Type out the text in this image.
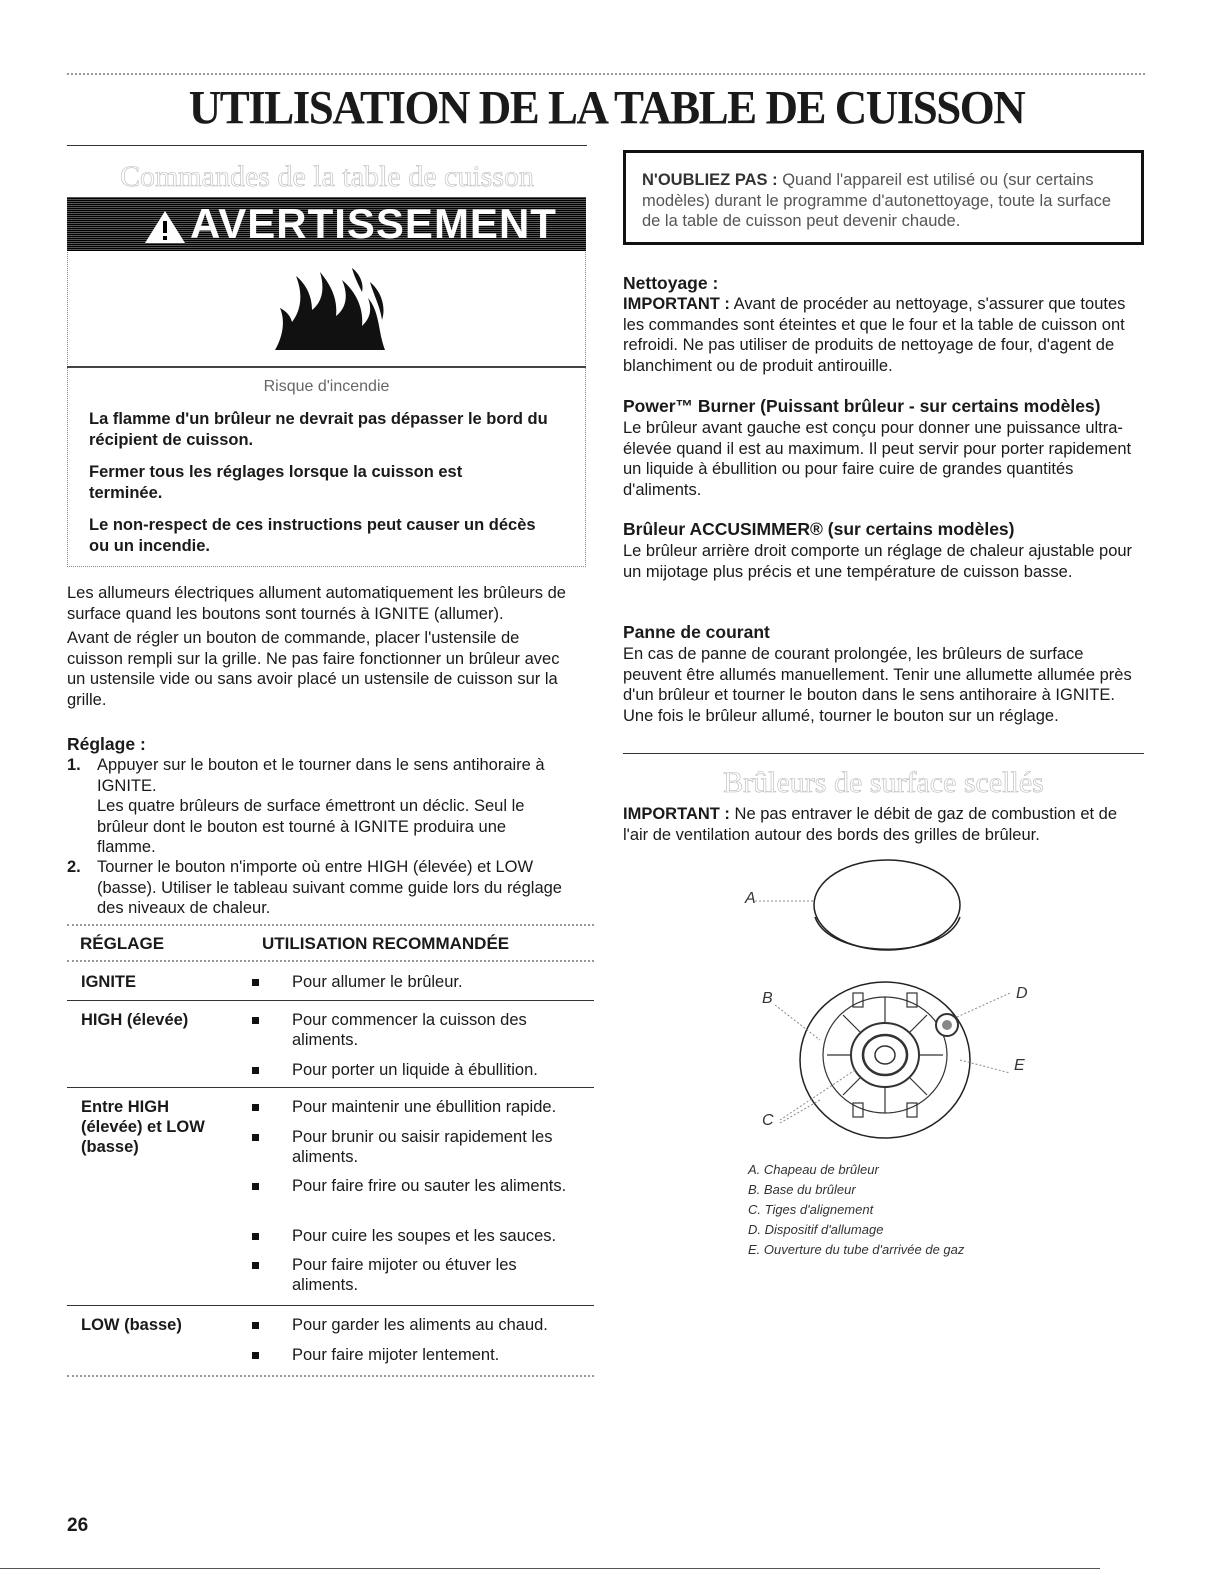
UTILISATION DE LA TABLE DE CUISSON
Commandes de la table de cuisson
AVERTISSEMENT
Risque d'incendie
La flamme d'un brûleur ne devrait pas dépasser le bord du récipient de cuisson.
Fermer tous les réglages lorsque la cuisson est terminée.
Le non-respect de ces instructions peut causer un décès ou un incendie.

Les allumeurs électriques allument automatiquement les brûleurs de surface quand les boutons sont tournés à IGNITE (allumer).

Avant de régler un bouton de commande, placer l'ustensile de cuisson rempli sur la grille. Ne pas faire fonctionner un brûleur avec un ustensile vide ou sans avoir placé un ustensile de cuisson sur la grille.

Réglage :
1. Appuyer sur le bouton et le tourner dans le sens antihoraire à IGNITE.
Les quatre brûleurs de surface émettront un déclic. Seul le brûleur dont le bouton est tourné à IGNITE produira une flamme.
2. Tourner le bouton n'importe où entre HIGH (élevée) et LOW (basse). Utiliser le tableau suivant comme guide lors du réglage des niveaux de chaleur.
RÉGLAGE	UTILISATION RECOMMANDÉE
IGNITE	Pour allumer le brûleur.
HIGH (élevée)	Pour commencer la cuisson des aliments.
Pour porter un liquide à ébullition.
Entre HIGH (élevée) et LOW (basse)
Pour maintenir une ébullition rapide.
Pour brunir ou saisir rapidement les aliments.
Pour faire frire ou sauter les aliments.
Pour cuire les soupes et les sauces.
Pour faire mijoter ou étuver les aliments.
LOW (basse)	Pour garder les aliments au chaud.
Pour faire mijoter lentement.
N'OUBLIEZ PAS : Quand l'appareil est utilisé ou (sur certains modèles) durant le programme d'autonettoyage, toute la surface de la table de cuisson peut devenir chaude.
Nettoyage :
IMPORTANT : Avant de procéder au nettoyage, s'assurer que toutes les commandes sont éteintes et que le four et la table de cuisson ont refroidi. Ne pas utiliser de produits de nettoyage de four, d'agent de blanchiment ou de produit antirouille.
Power™ Burner (Puissant brûleur - sur certains modèles)

Le brûleur avant gauche est conçu pour donner une puissance ultra-élevée quand il est au maximum. Il peut servir pour porter rapidement un liquide à ébullition ou pour faire cuire de grandes quantités d'aliments.

Brûleur ACCUSIMMER® (sur certains modèles)

Le brûleur arrière droit comporte un réglage de chaleur ajustable pour un mijotage plus précis et une température de cuisson basse.

Panne de courant

En cas de panne de courant prolongée, les brûleurs de surface peuvent être allumés manuellement. Tenir une allumette allumée près d'un brûleur et tourner le bouton dans le sens antihoraire à IGNITE. Une fois le brûleur allumé, tourner le bouton sur un réglage.

Brûleurs de surface scellés
IMPORTANT : Ne pas entraver le débit de gaz de combustion et de l'air de ventilation autour des bords des grilles de brûleur.
A
B
C
D
E
A. Chapeau de brûleur
B. Base du brûleur
C. Tiges d'alignement
D. Dispositif d'allumage
E. Ouverture du tube d'arrivée de gaz
26
